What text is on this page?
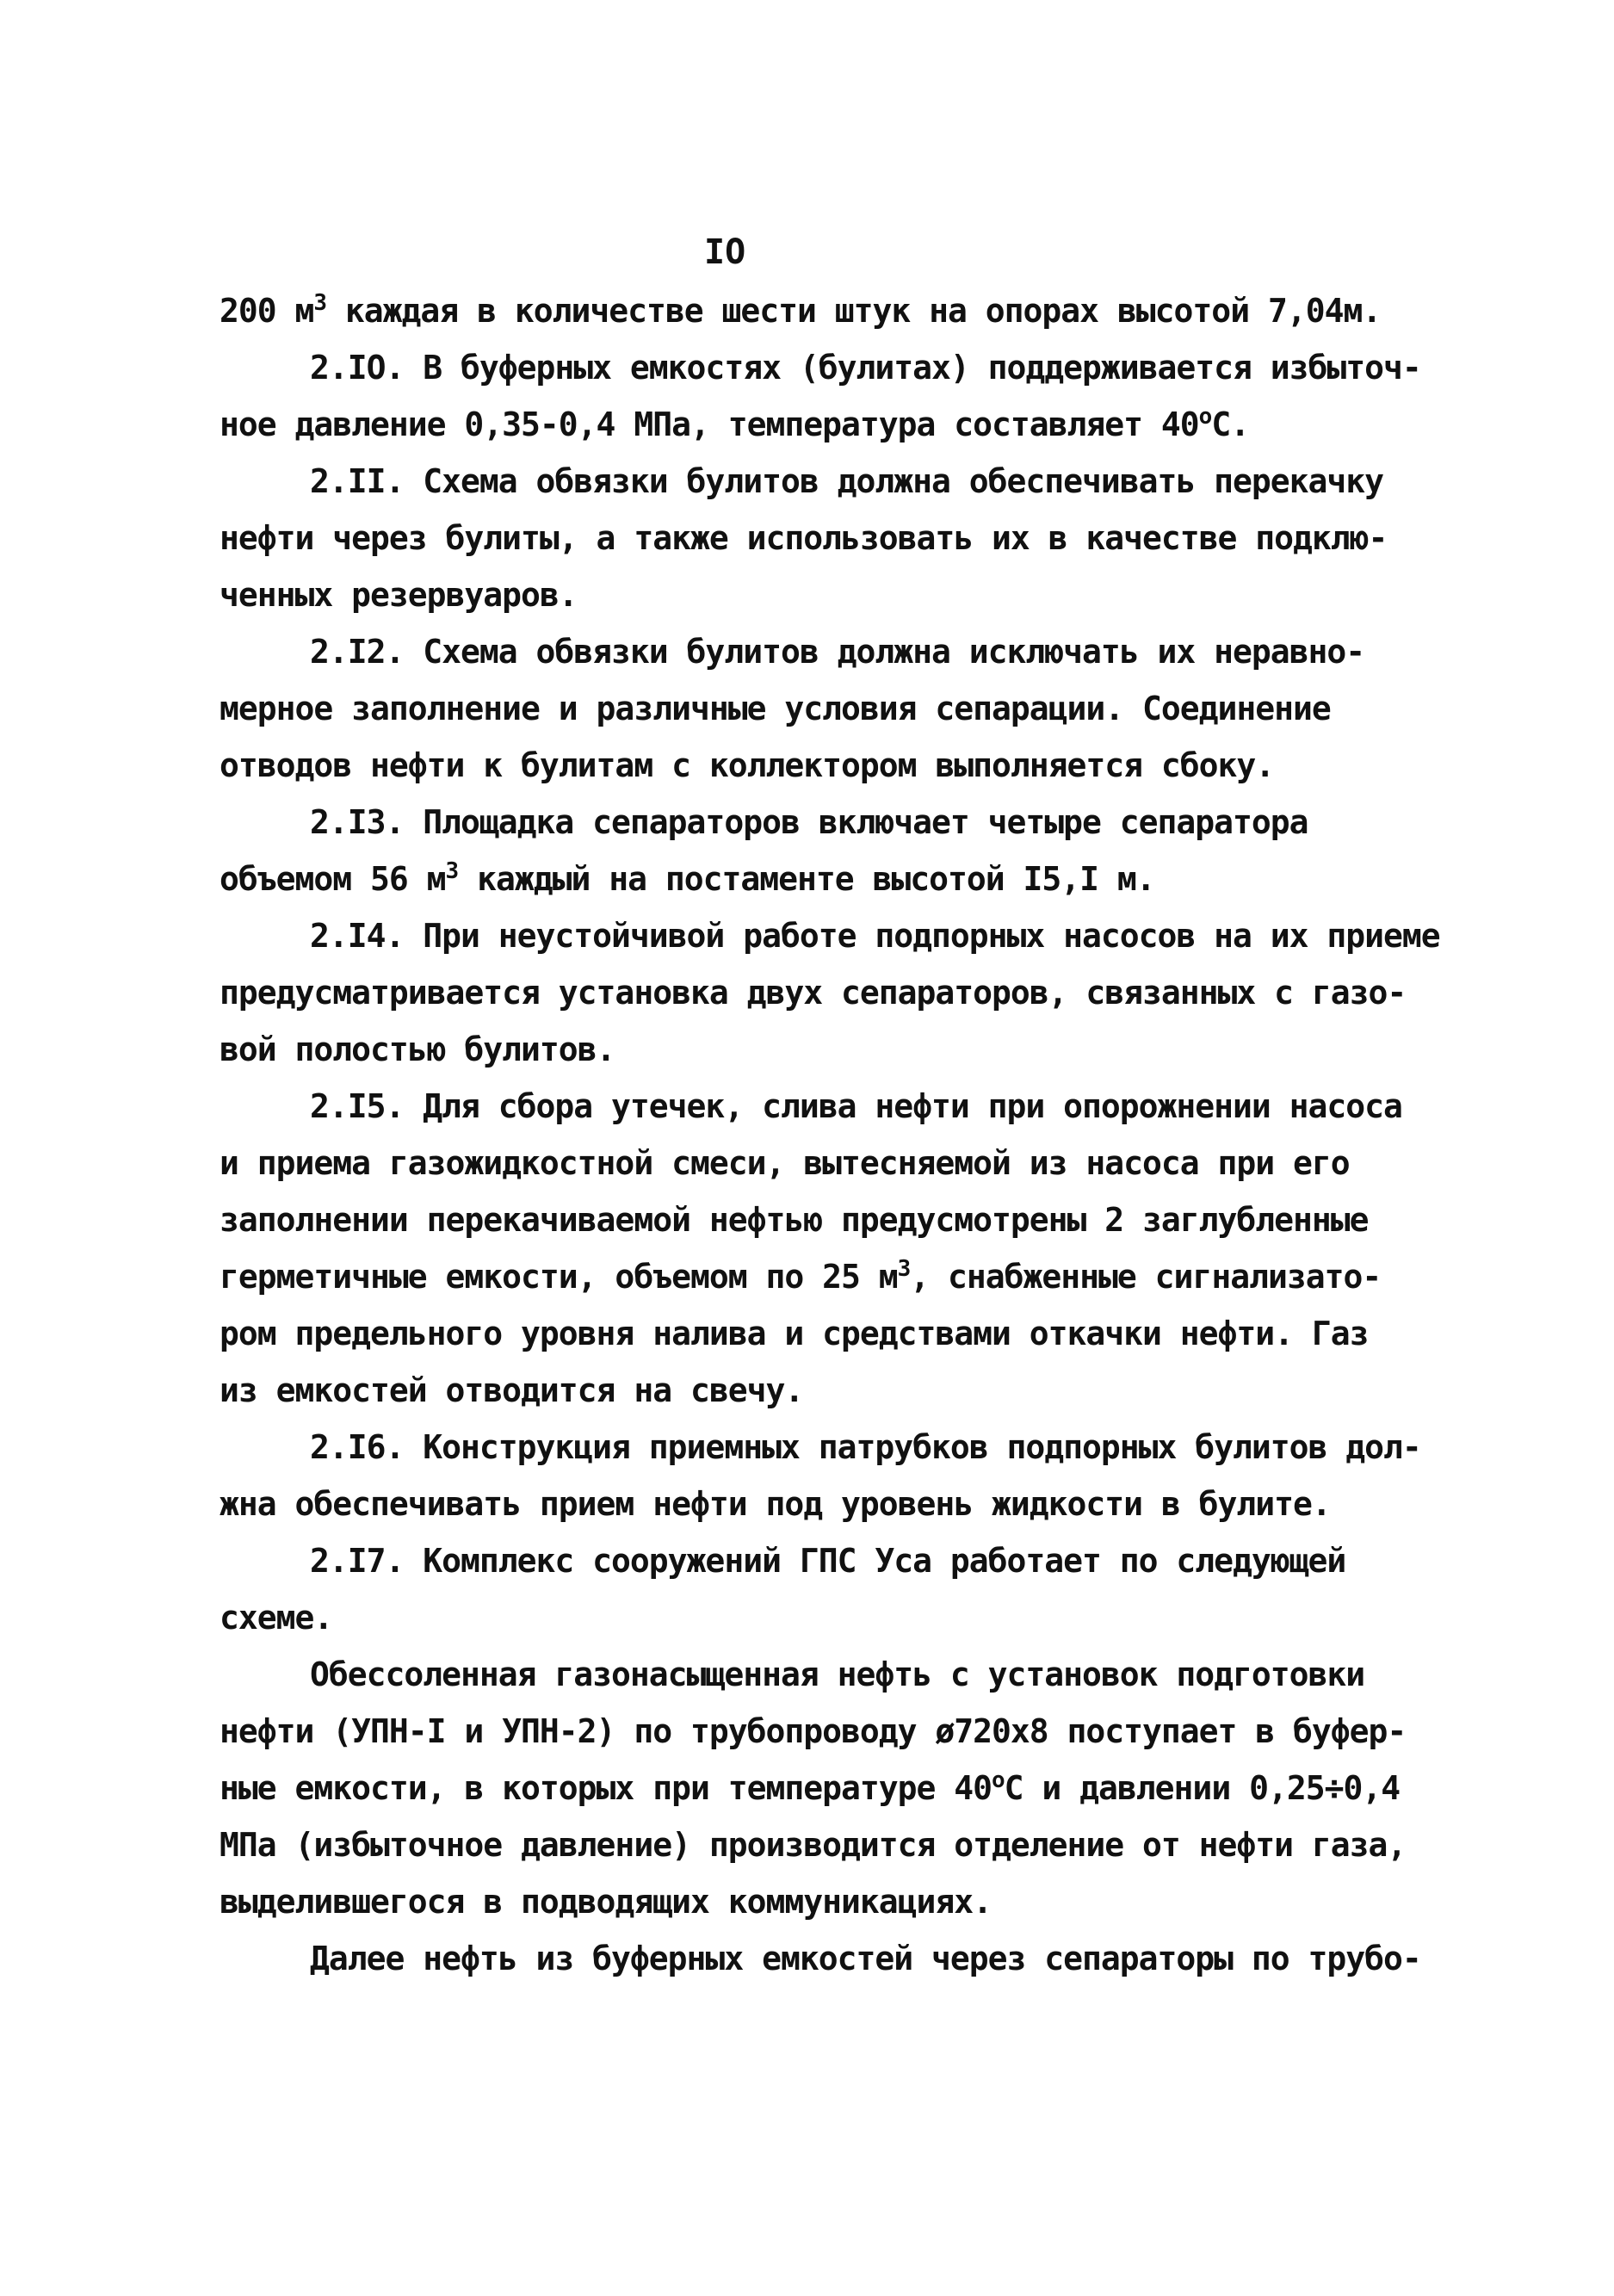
IO
200 $м^3$ каждая в количестве шести штук на опорах высотой 7,04м.
2.IO. В буферных емкостях (булитах) поддерживается избыточ-
ное давление 0,35-0,4 МПа, температура составляет $40^оС$.
2.II. Схема обвязки булитов должна обеспечивать перекачку
нефти через булиты, а также использовать их в качестве подклю-
ченных резервуаров.
2.I2. Схема обвязки булитов должна исключать их неравно-
мерное заполнение и различные условия сепарации. Соединение
отводов нефти к булитам с коллектором выполняется сбоку.
2.I3. Площадка сепараторов включает четыре сепаратора
объемом 56 $м^3$ каждый на постаменте высотой I5,I м.
2.I4. При неустойчивой работе подпорных насосов на их приеме
предусматривается установка двух сепараторов, связанных с газо-
вой полостью булитов.
2.I5. Для сбора утечек, слива нефти при опорожнении насоса
и приема газожидкостной смеси, вытесняемой из насоса при его
заполнении перекачиваемой нефтью предусмотрены 2 заглубленные
герметичные емкости, объемом по 25 $м^3$, снабженные сигнализато-
ром предельного уровня налива и средствами откачки нефти. Газ
из емкостей отводится на свечу.
2.I6. Конструкция приемных патрубков подпорных булитов дол-
жна обеспечивать прием нефти под уровень жидкости в булите.
2.I7. Комплекс сооружений ГПС Уса работает по следующей
схеме.
Обессоленная газонасыщенная нефть с установок подготовки
нефти (УПН-I и УПН-2) по трубопроводу ø720х8 поступает в буфер-
ные емкости, в которых при температуре $40^оС$ и давлении 0,25÷0,4
МПа (избыточное давление) производится отделение от нефти газа,
выделившегося в подводящих коммуникациях.
Далее нефть из буферных емкостей через сепараторы по трубо-
